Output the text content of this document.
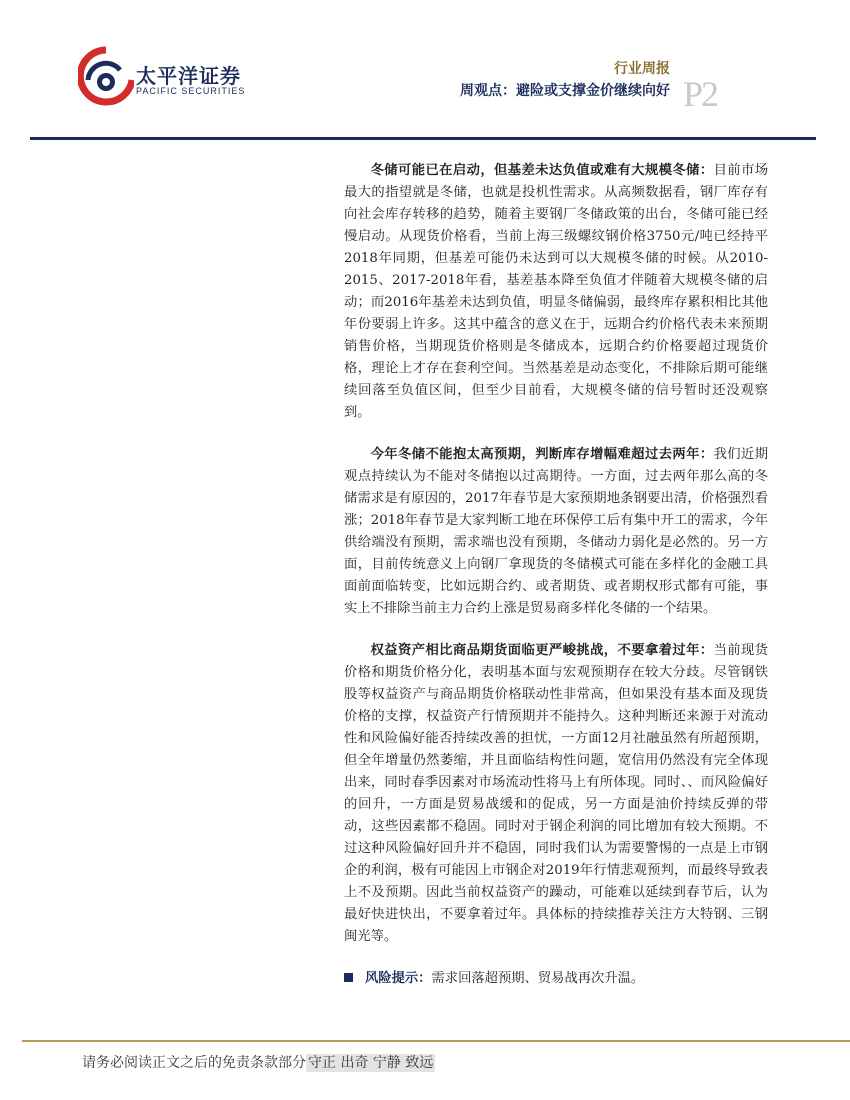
太平洋证券
PACIFIC SECURITIES
行业周报
周观点：避险或支撑金价继续向好 P2

冬储可能已在启动，但基差未达负值或难有大规模冬储：目前市场最大的指望就是冬储，也就是投机性需求。从高频数据看，钢厂库存有向社会库存转移的趋势，随着主要钢厂冬储政策的出台，冬储可能已经慢启动。从现货价格看，当前上海三级螺纹钢价格3750元/吨已经持平2018年同期，但基差可能仍未达到可以大规模冬储的时候。从2010-2015、2017-2018年看，基差基本降至负值才伴随着大规模冬储的启动；而2016年基差未达到负值，明显冬储偏弱，最终库存累积相比其他年份要弱上许多。这其中蕴含的意义在于，远期合约价格代表未来预期销售价格，当期现货价格则是冬储成本，远期合约价格要超过现货价格，理论上才存在套利空间。当然基差是动态变化，不排除后期可能继续回落至负值区间，但至少目前看，大规模冬储的信号暂时还没观察到。

今年冬储不能抱太高预期，判断库存增幅难超过去两年：我们近期观点持续认为不能对冬储抱以过高期待。一方面，过去两年那么高的冬储需求是有原因的，2017年春节是大家预期地条钢要出清，价格强烈看涨；2018年春节是大家判断工地在环保停工后有集中开工的需求，今年供给端没有预期，需求端也没有预期，冬储动力弱化是必然的。另一方面，目前传统意义上向钢厂拿现货的冬储模式可能在多样化的金融工具面前面临转变，比如远期合约、或者期货、或者期权形式都有可能，事实上不排除当前主力合约上涨是贸易商多样化冬储的一个结果。

权益资产相比商品期货面临更严峻挑战，不要拿着过年：当前现货价格和期货价格分化，表明基本面与宏观预期存在较大分歧。尽管钢铁股等权益资产与商品期货价格联动性非常高，但如果没有基本面及现货价格的支撑，权益资产行情预期并不能持久。这种判断还来源于对流动性和风险偏好能否持续改善的担忧，一方面12月社融虽然有所超预期，但全年增量仍然萎缩，并且面临结构性问题，宽信用仍然没有完全体现出来，同时春季因素对市场流动性将马上有所体现。同时、、而风险偏好的回升，一方面是贸易战缓和的促成，另一方面是油价持续反弹的带动，这些因素都不稳固。同时对于钢企利润的同比增加有较大预期。不过这种风险偏好回升并不稳固，同时我们认为需要警惕的一点是上市钢企的利润，极有可能因上市钢企对2019年行情悲观预判，而最终导致表上不及预期。因此当前权益资产的躁动，可能难以延续到春节后，认为最好快进快出，不要拿着过年。具体标的持续推荐关注方大特钢、三钢闽光等。

风险提示：需求回落超预期、贸易战再次升温。
请务必阅读正文之后的免责条款部分 守正 出奇 宁静 致远
